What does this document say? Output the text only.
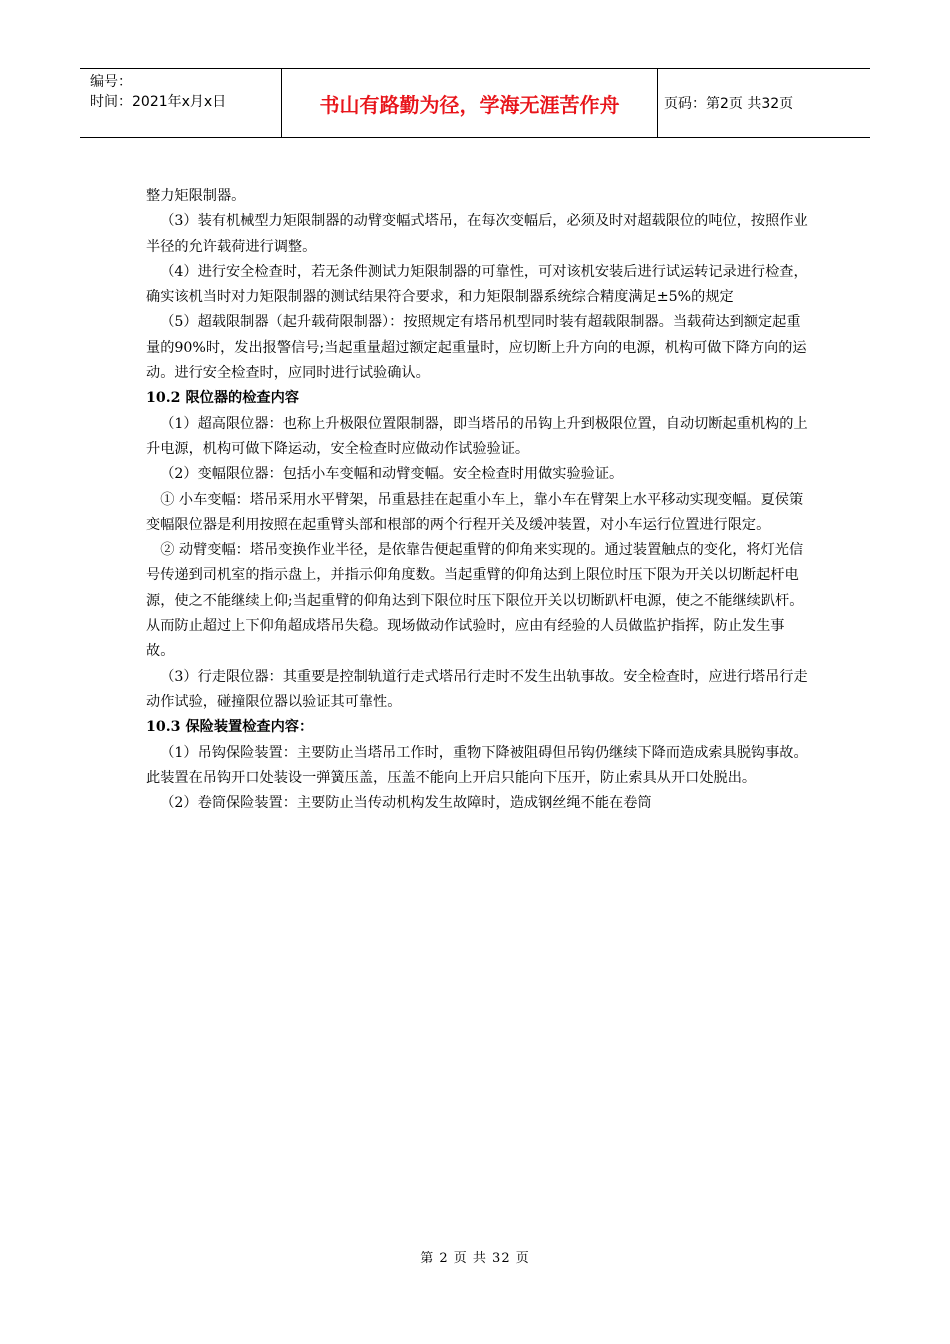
编号：
时间：2021年x月x日	书山有路勤为径，学海无涯苦作舟	页码：第2页 共32页

整力矩限制器。

（3）装有机械型力矩限制器的动臂变幅式塔吊，在每次变幅后，必须及时对超载限位的吨位，按照作业半径的允许载荷进行调整。

（4）进行安全检查时，若无条件测试力矩限制器的可靠性，可对该机安装后进行试运转记录进行检查，确实该机当时对力矩限制器的测试结果符合要求，和力矩限制器系统综合精度满足±5%的规定

（5）超载限制器（起升载荷限制器）：按照规定有塔吊机型同时装有超载限制器。当载荷达到额定起重量的90%时，发出报警信号;当起重量超过额定起重量时，应切断上升方向的电源，机构可做下降方向的运动。进行安全检查时，应同时进行试验确认。

10.2 限位器的检查内容

（1）超高限位器：也称上升极限位置限制器，即当塔吊的吊钩上升到极限位置，自动切断起重机构的上升电源，机构可做下降运动，安全检查时应做动作试验验证。

（2）变幅限位器：包括小车变幅和动臂变幅。安全检查时用做实验验证。

① 小车变幅：塔吊采用水平臂架，吊重悬挂在起重小车上，靠小车在臂架上水平移动实现变幅。夏侯策变幅限位器是利用按照在起重臂头部和根部的两个行程开关及缓冲装置，对小车运行位置进行限定。

② 动臂变幅：塔吊变换作业半径，是依靠告便起重臂的仰角来实现的。通过装置触点的变化，将灯光信号传递到司机室的指示盘上，并指示仰角度数。当起重臂的仰角达到上限位时压下限为开关以切断起杆电源，使之不能继续上仰;当起重臂的仰角达到下限位时压下限位开关以切断趴杆电源，使之不能继续趴杆。从而防止超过上下仰角超成塔吊失稳。现场做动作试验时，应由有经验的人员做监护指挥，防止发生事故。

（3）行走限位器：其重要是控制轨道行走式塔吊行走时不发生出轨事故。安全检查时，应进行塔吊行走动作试验，碰撞限位器以验证其可靠性。

10.3 保险装置检查内容：

（1）吊钩保险装置：主要防止当塔吊工作时，重物下降被阻碍但吊钩仍继续下降而造成索具脱钩事故。此装置在吊钩开口处装设一弹簧压盖，压盖不能向上开启只能向下压开，防止索具从开口处脱出。

（2）卷筒保险装置：主要防止当传动机构发生故障时，造成钢丝绳不能在卷筒

第 2 页 共 32 页
